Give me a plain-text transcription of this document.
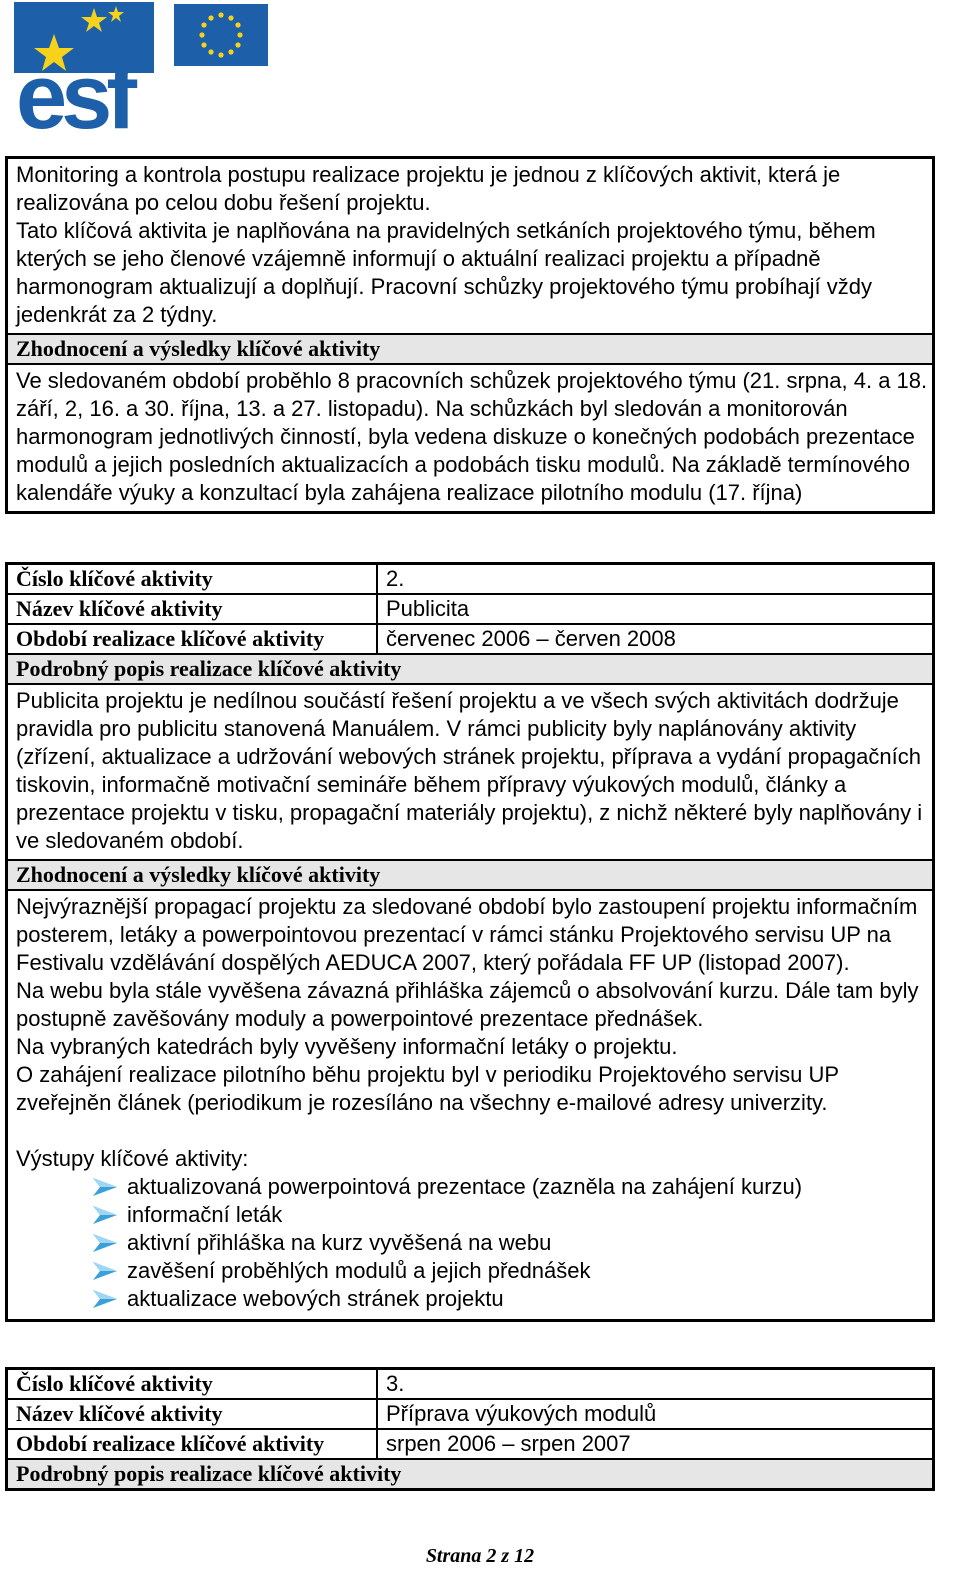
esf

Monitoring a kontrola postupu realizace projektu je jednou z klíčových aktivit, která je realizována po celou dobu řešení projektu.

Tato klíčová aktivita je naplňována na pravidelných setkáních projektového týmu, během kterých se jeho členové vzájemně informují o aktuální realizaci projektu a případně harmonogram aktualizují a doplňují. Pracovní schůzky projektového týmu probíhají vždy jedenkrát za 2 týdny.

Zhodnocení a výsledky klíčové aktivity
Ve sledovaném období proběhlo 8 pracovních schůzek projektového týmu (21. srpna, 4. a 18. září, 2, 16. a 30. října, 13. a 27. listopadu). Na schůzkách byl sledován a monitorován harmonogram jednotlivých činností, byla vedena diskuze o konečných podobách prezentace modulů a jejich posledních aktualizacích a podobách tisku modulů. Na základě termínového kalendáře výuky a konzultací byla zahájena realizace pilotního modulu (17. října)
Číslo klíčové aktivity	2.
Název klíčové aktivity	Publicita
Období realizace klíčové aktivity	červenec 2006 – červen 2008
Podrobný popis realizace klíčové aktivity
Publicita projektu je nedílnou součástí řešení projektu a ve všech svých aktivitách dodržuje pravidla pro publicitu stanovená Manuálem. V rámci publicity byly naplánovány aktivity (zřízení, aktualizace a udržování webových stránek projektu, příprava a vydání propagačních tiskovin, informačně motivační semináře během přípravy výukových modulů, články a prezentace projektu v tisku, propagační materiály projektu), z nichž některé byly naplňovány i ve sledovaném období.
Zhodnocení a výsledky klíčové aktivity

Nejvýraznější propagací projektu za sledované období bylo zastoupení projektu informačním posterem, letáky a powerpointovou prezentací v rámci stánku Projektového servisu UP na Festivalu vzdělávání dospělých AEDUCA 2007, který pořádala FF UP (listopad 2007).

Na webu byla stále vyvěšena závazná přihláška zájemců o absolvování kurzu. Dále tam byly postupně zavěšovány moduly a powerpointové prezentace přednášek.

Na vybraných katedrách byly vyvěšeny informační letáky o projektu.

O zahájení realizace pilotního běhu projektu byl v periodiku Projektového servisu UP zveřejněn článek (periodikum je rozesíláno na všechny e-mailové adresy univerzity.

Výstupy klíčové aktivity:

aktualizovaná powerpointová prezentace (zazněla na zahájení kurzu)
informační leták
aktivní přihláška na kurz vyvěšená na webu
zavěšení proběhlých modulů a jejich přednášek
aktualizace webových stránek projektu
Číslo klíčové aktivity	3.
Název klíčové aktivity	Příprava výukových modulů
Období realizace klíčové aktivity	srpen 2006 – srpen 2007
Podrobný popis realizace klíčové aktivity
Strana 2 z 12
